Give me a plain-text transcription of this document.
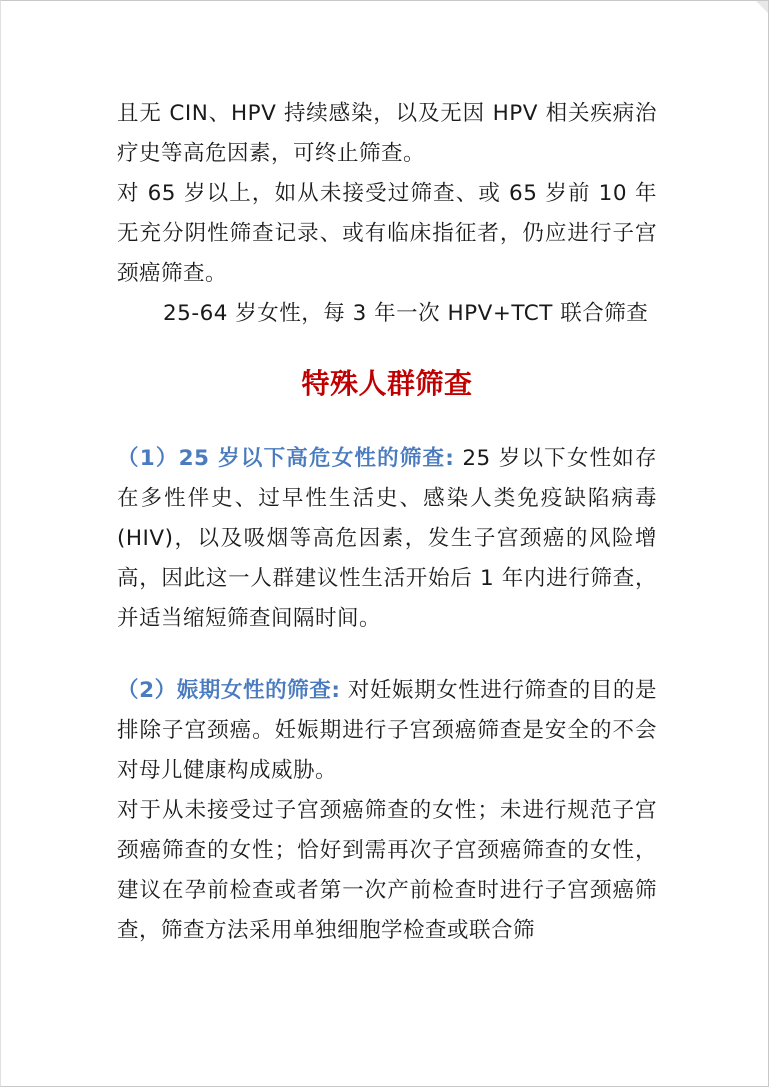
且无 CIN、HPV 持续感染，以及无因 HPV 相关疾病治疗史等高危因素，可终止筛查。

对 65 岁以上，如从未接受过筛查、或 65 岁前 10 年无充分阴性筛查记录、或有临床指征者，仍应进行子宫颈癌筛查。

25-64 岁女性，每 3 年一次 HPV+TCT 联合筛查

特殊人群筛查

（1）25 岁以下高危女性的筛查: 25 岁以下女性如存在多性伴史、过早性生活史、感染人类免疫缺陷病毒(HIV)，以及吸烟等高危因素，发生子宫颈癌的风险增高，因此这一人群建议性生活开始后 1 年内进行筛查，并适当缩短筛查间隔时间。

（2）娠期女性的筛查: 对妊娠期女性进行筛查的目的是排除子宫颈癌。妊娠期进行子宫颈癌筛查是安全的不会对母儿健康构成威胁。

对于从未接受过子宫颈癌筛查的女性；未进行规范子宫颈癌筛查的女性；恰好到需再次子宫颈癌筛查的女性，建议在孕前检查或者第一次产前检查时进行子宫颈癌筛查，筛查方法采用单独细胞学检查或联合筛
